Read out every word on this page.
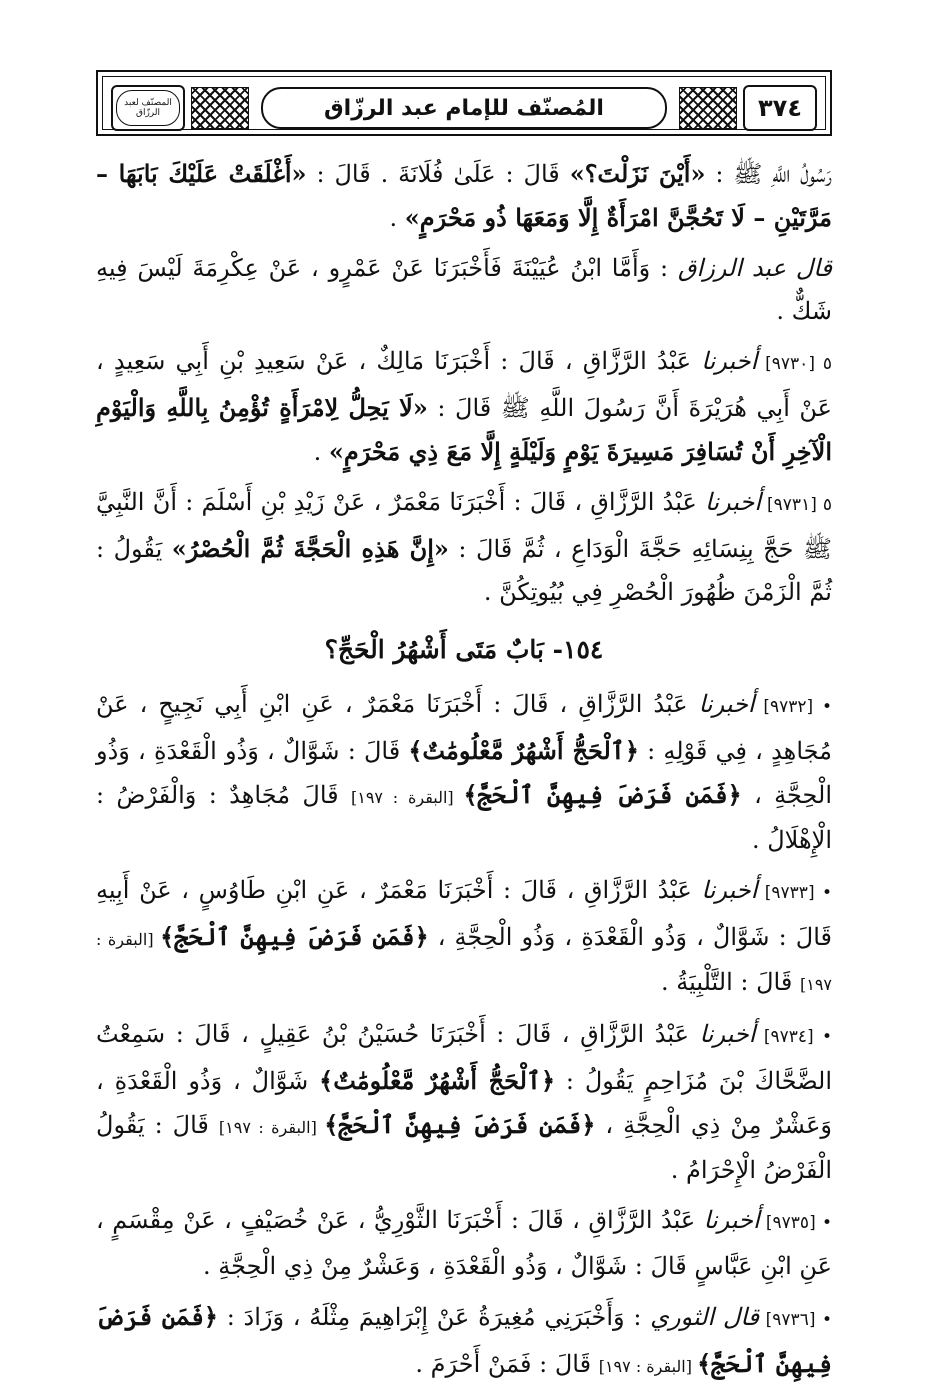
المصنّف لعبد الرزّاق	المُصنّف للإمام عبد الرزّاق	٣٧٤
رَسُولُ اللَّهِ ﷺ : «أَيْنَ نَزَلْتَ؟» قَالَ : عَلَىٰ فُلَانَةَ . قَالَ : «أَغْلَقَتْ عَلَيْكَ بَابَهَا – مَرَّتَيْنِ – لَا تَحُجَّنَّ امْرَأَةٌ إِلَّا وَمَعَهَا ذُو مَحْرَمٍ» .
قال عبد الرزاق : وَأَمَّا ابْنُ عُيَيْنَةَ فَأَخْبَرَنَا عَنْ عَمْرٍو ، عَنْ عِكْرِمَةَ لَيْسَ فِيهِ شَكٌّ .
٥ [٩٧٣٠] أخبرنا عَبْدُ الرَّزَّاقِ ، قَالَ : أَخْبَرَنَا مَالِكٌ ، عَنْ سَعِيدِ بْنِ أَبِي سَعِيدٍ ، عَنْ أَبِي هُرَيْرَةَ أَنَّ رَسُولَ اللَّهِ ﷺ قَالَ : «لَا يَحِلُّ لِامْرَأَةٍ تُؤْمِنُ بِاللَّهِ وَالْيَوْمِ الْآخِرِ أَنْ تُسَافِرَ مَسِيرَةَ يَوْمٍ وَلَيْلَةٍ إِلَّا مَعَ ذِي مَحْرَمٍ» .
٥ [٩٧٣١] أخبرنا عَبْدُ الرَّزَّاقِ ، قَالَ : أَخْبَرَنَا مَعْمَرٌ ، عَنْ زَيْدِ بْنِ أَسْلَمَ : أَنَّ النَّبِيَّ ﷺ حَجَّ بِنِسَائِهِ حَجَّةَ الْوَدَاعِ ، ثُمَّ قَالَ : «إِنَّ هَذِهِ الْحَجَّةَ ثُمَّ الْحُصْرُ» يَقُولُ : ثُمَّ الْزَمْنَ ظُهُورَ الْحُصْرِ فِي بُيُوتِكُنَّ .
١٥٤- بَابٌ مَتَى أَشْهُرُ الْحَجِّ؟
• [٩٧٣٢] أخبرنا عَبْدُ الرَّزَّاقِ ، قَالَ : أَخْبَرَنَا مَعْمَرٌ ، عَنِ ابْنِ أَبِي نَجِيحٍ ، عَنْ مُجَاهِدٍ ، فِي قَوْلِهِ : ﴿ٱلْحَجُّ أَشْهُرٌ مَّعْلُومَٰتٌ﴾ قَالَ : شَوَّالٌ ، وَذُو الْقَعْدَةِ ، وَذُو الْحِجَّةِ ، ﴿فَمَن فَرَضَ فِيهِنَّ ٱلْحَجَّ﴾ [البقرة : ١٩٧] قَالَ مُجَاهِدٌ : وَالْفَرْضُ : الْإِهْلَالُ .
• [٩٧٣٣] أخبرنا عَبْدُ الرَّزَّاقِ ، قَالَ : أَخْبَرَنَا مَعْمَرٌ ، عَنِ ابْنِ طَاوُسٍ ، عَنْ أَبِيهِ قَالَ : شَوَّالٌ ، وَذُو الْقَعْدَةِ ، وَذُو الْحِجَّةِ ، ﴿فَمَن فَرَضَ فِيهِنَّ ٱلْحَجَّ﴾ [البقرة : ١٩٧] قَالَ : التَّلْبِيَةُ .
• [٩٧٣٤] أخبرنا عَبْدُ الرَّزَّاقِ ، قَالَ : أَخْبَرَنَا حُسَيْنُ بْنُ عَقِيلٍ ، قَالَ : سَمِعْتُ الضَّحَّاكَ بْنَ مُزَاحِمٍ يَقُولُ : ﴿ٱلْحَجُّ أَشْهُرٌ مَّعْلُومَٰتٌ﴾ شَوَّالٌ ، وَذُو الْقَعْدَةِ ، وَعَشْرٌ مِنْ ذِي الْحِجَّةِ ، ﴿فَمَن فَرَضَ فِيهِنَّ ٱلْحَجَّ﴾ [البقرة : ١٩٧] قَالَ : يَقُولُ الْفَرْضُ الْإِحْرَامُ .
• [٩٧٣٥] أخبرنا عَبْدُ الرَّزَّاقِ ، قَالَ : أَخْبَرَنَا الثَّوْرِيُّ ، عَنْ خُصَيْفٍ ، عَنْ مِقْسَمٍ ، عَنِ ابْنِ عَبَّاسٍ قَالَ : شَوَّالٌ ، وَذُو الْقَعْدَةِ ، وَعَشْرٌ مِنْ ذِي الْحِجَّةِ .
• [٩٧٣٦] قال الثوري : وَأَخْبَرَنِي مُغِيرَةُ عَنْ إِبْرَاهِيمَ مِثْلَهُ ، وَزَادَ : ﴿فَمَن فَرَضَ فِيهِنَّ ٱلْحَجَّ﴾ [البقرة : ١٩٧] قَالَ : فَمَنْ أَحْرَمَ .
